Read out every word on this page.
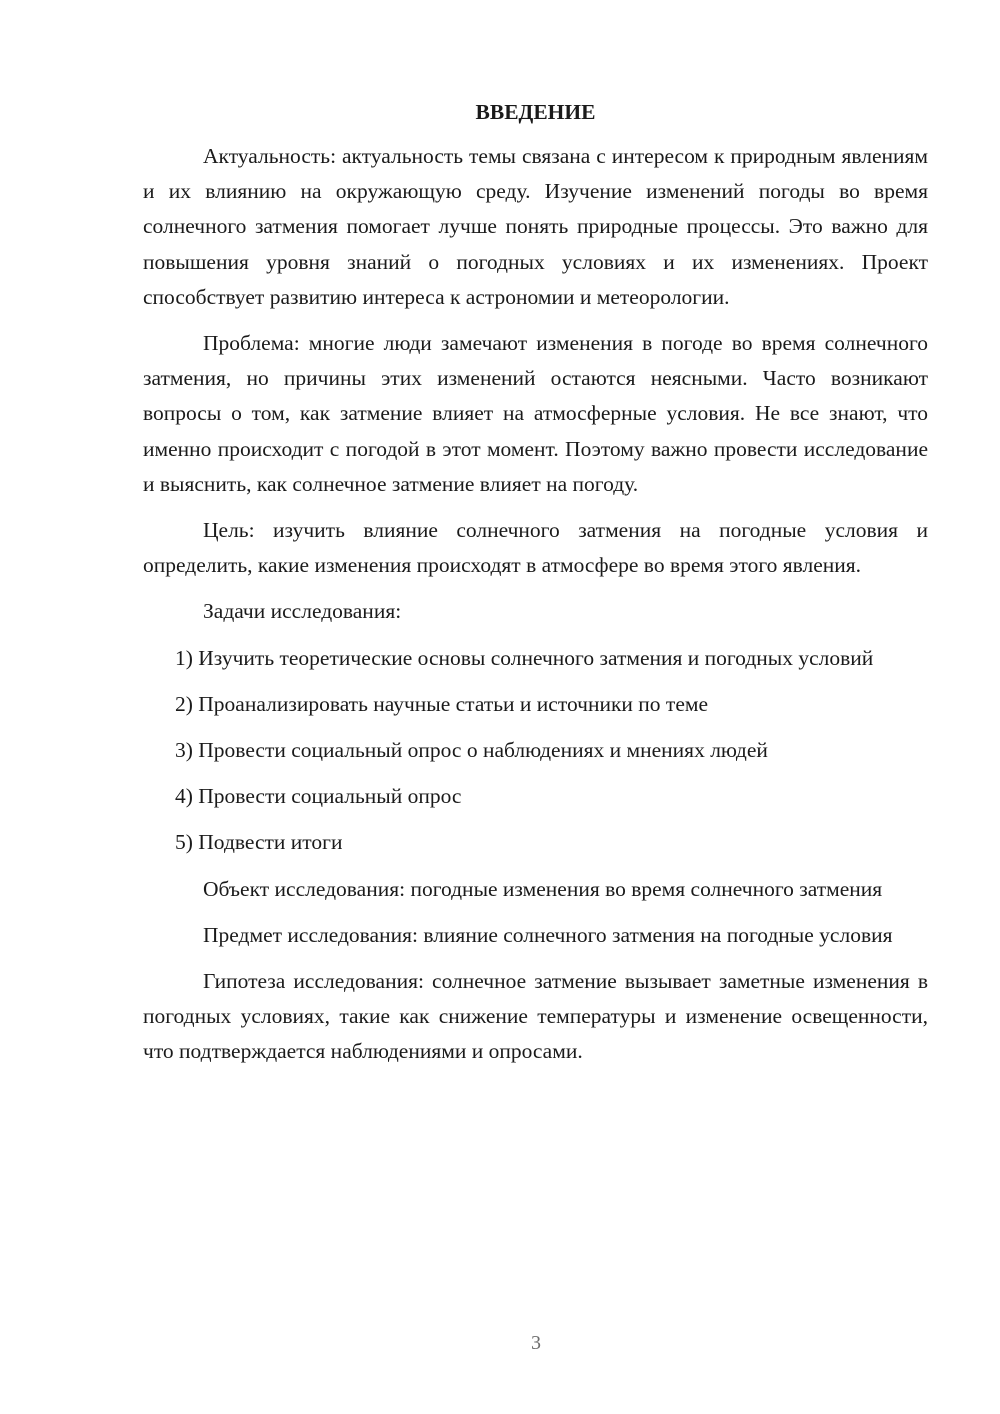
ВВЕДЕНИЕ

Актуальность: актуальность темы связана с интересом к природным явлениям и их влиянию на окружающую среду. Изучение изменений погоды во время солнечного затмения помогает лучше понять природные процессы. Это важно для повышения уровня знаний о погодных условиях и их изменениях. Проект способствует развитию интереса к астрономии и метеорологии.

Проблема: многие люди замечают изменения в погоде во время солнечного затмения, но причины этих изменений остаются неясными. Часто возникают вопросы о том, как затмение влияет на атмосферные условия. Не все знают, что именно происходит с погодой в этот момент. Поэтому важно провести исследование и выяснить, как солнечное затмение влияет на погоду.

Цель: изучить влияние солнечного затмения на погодные условия и определить, какие изменения происходят в атмосфере во время этого явления.

Задачи исследования:

1) Изучить теоретические основы солнечного затмения и погодных условий

2) Проанализировать научные статьи и источники по теме

3) Провести социальный опрос о наблюдениях и мнениях людей

4) Провести социальный опрос

5) Подвести итоги

Объект исследования: погодные изменения во время солнечного затмения

Предмет исследования: влияние солнечного затмения на погодные условия

Гипотеза исследования: солнечное затмение вызывает заметные изменения в погодных условиях, такие как снижение температуры и изменение освещенности, что подтверждается наблюдениями и опросами.

3
